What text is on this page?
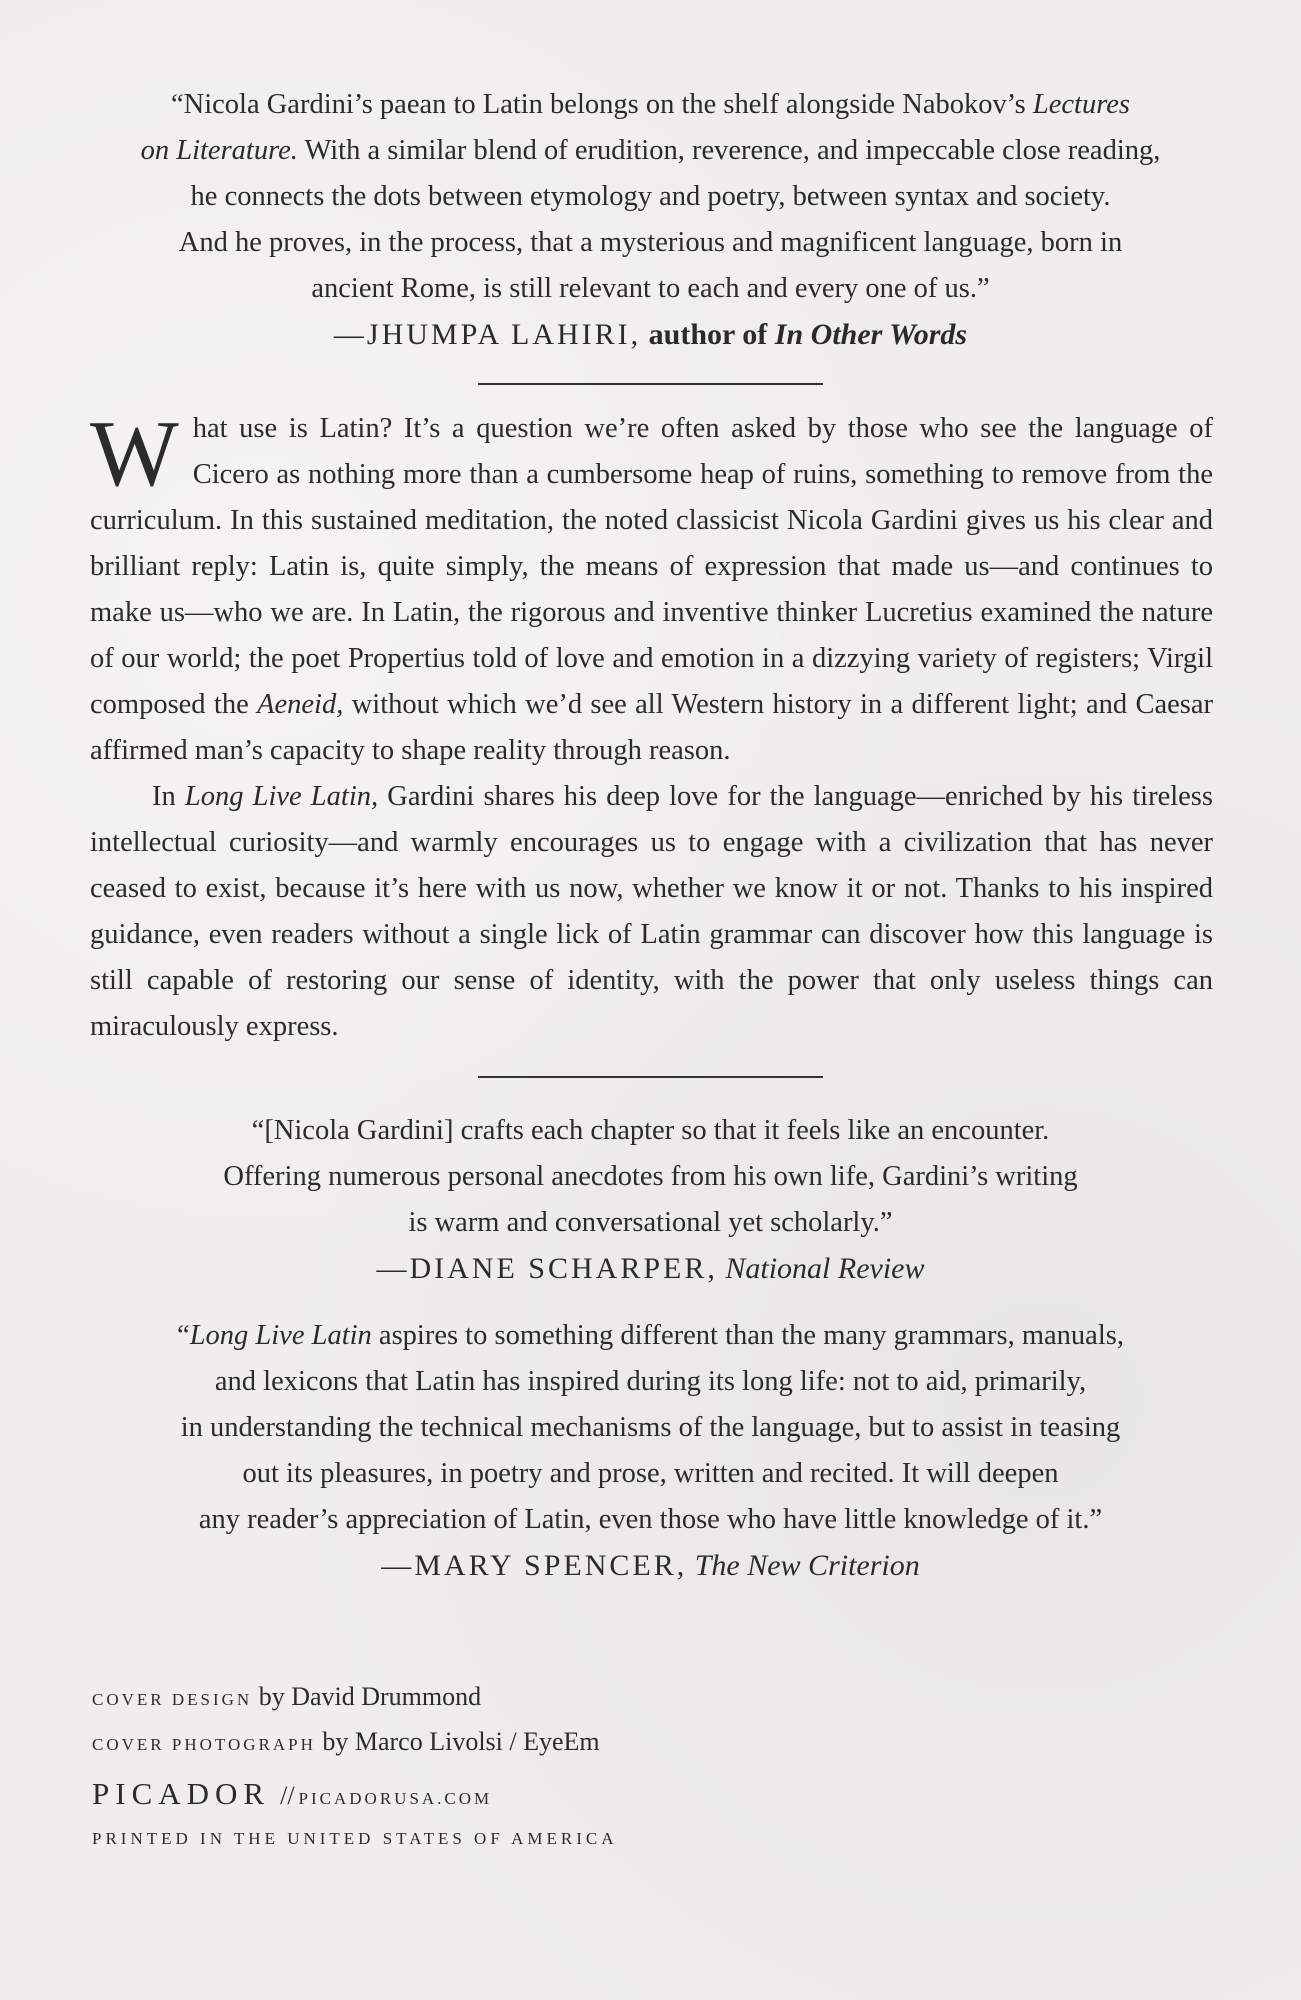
“Nicola Gardini’s paean to Latin belongs on the shelf alongside Nabokov’s Lectures
on Literature. With a similar blend of erudition, reverence, and impeccable close reading,
he connects the dots between etymology and poetry, between syntax and society.
And he proves, in the process, that a mysterious and magnificent language, born in
ancient Rome, is still relevant to each and every one of us.”
—JHUMPA LAHIRI, author of In Other Words

What use is Latin? It’s a question we’re often asked by those who see the language of Cicero as nothing more than a cumbersome heap of ruins, something to remove from the curriculum. In this sustained meditation, the noted classicist Nicola Gardini gives us his clear and brilliant reply: Latin is, quite simply, the means of expression that made us—and continues to make us—who we are. In Latin, the rigorous and inventive thinker Lucretius examined the nature of our world; the poet Propertius told of love and emotion in a dizzying variety of registers; Virgil composed the Aeneid, without which we’d see all Western history in a different light; and Caesar affirmed man’s capacity to shape reality through reason.

In Long Live Latin, Gardini shares his deep love for the language—enriched by his tireless intellectual curiosity—and warmly encourages us to engage with a civilization that has never ceased to exist, because it’s here with us now, whether we know it or not. Thanks to his inspired guidance, even readers without a single lick of Latin grammar can discover how this language is still capable of restoring our sense of identity, with the power that only useless things can miraculously express.

“[Nicola Gardini] crafts each chapter so that it feels like an encounter.
Offering numerous personal anecdotes from his own life, Gardini’s writing
is warm and conversational yet scholarly.”
—DIANE SCHARPER, National Review
“Long Live Latin aspires to something different than the many grammars, manuals,
and lexicons that Latin has inspired during its long life: not to aid, primarily,
in understanding the technical mechanisms of the language, but to assist in teasing
out its pleasures, in poetry and prose, written and recited. It will deepen
any reader’s appreciation of Latin, even those who have little knowledge of it.”
—MARY SPENCER, The New Criterion
COVER DESIGN by David Drummond
COVER PHOTOGRAPH by Marco Livolsi / EyeEm
PICADOR // PICADORUSA.COM
PRINTED IN THE UNITED STATES OF AMERICA
